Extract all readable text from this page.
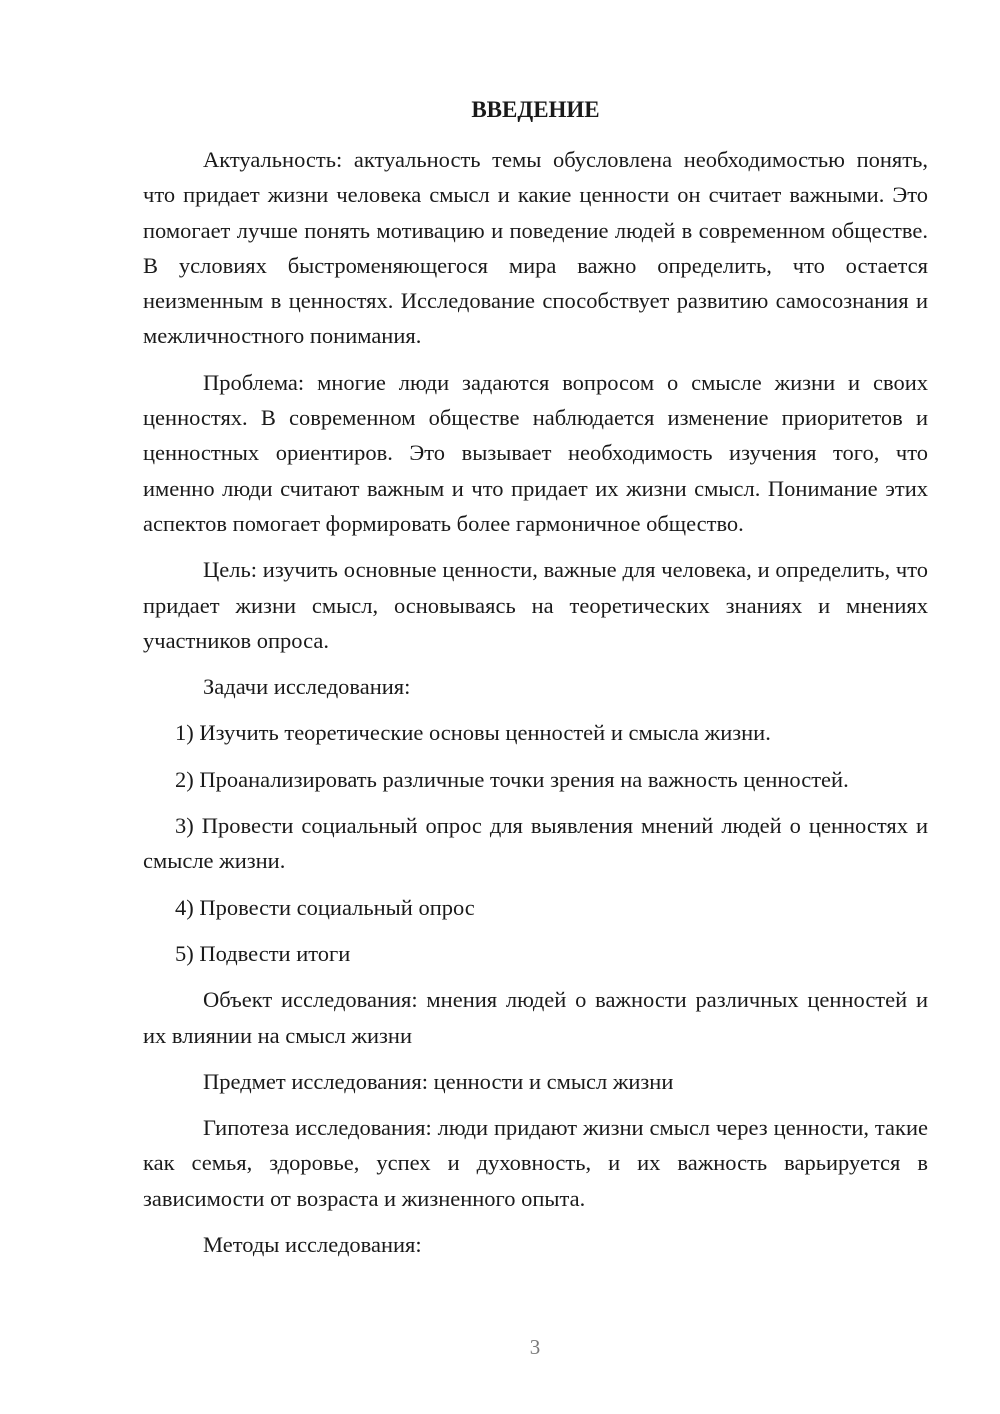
ВВЕДЕНИЕ

Актуальность: актуальность темы обусловлена необходимостью понять, что придает жизни человека смысл и какие ценности он считает важными. Это помогает лучше понять мотивацию и поведение людей в современном обществе. В условиях быстроменяющегося мира важно определить, что остается неизменным в ценностях. Исследование способствует развитию самосознания и межличностного понимания.

Проблема: многие люди задаются вопросом о смысле жизни и своих ценностях. В современном обществе наблюдается изменение приоритетов и ценностных ориентиров. Это вызывает необходимость изучения того, что именно люди считают важным и что придает их жизни смысл. Понимание этих аспектов помогает формировать более гармоничное общество.

Цель: изучить основные ценности, важные для человека, и определить, что придает жизни смысл, основываясь на теоретических знаниях и мнениях участников опроса.

Задачи исследования:

1) Изучить теоретические основы ценностей и смысла жизни.

2) Проанализировать различные точки зрения на важность ценностей.

3) Провести социальный опрос для выявления мнений людей о ценностях и смысле жизни.

4) Провести социальный опрос

5) Подвести итоги

Объект исследования: мнения людей о важности различных ценностей и их влиянии на смысл жизни

Предмет исследования: ценности и смысл жизни

Гипотеза исследования: люди придают жизни смысл через ценности, такие как семья, здоровье, успех и духовность, и их важность варьируется в зависимости от возраста и жизненного опыта.

Методы исследования:

3
